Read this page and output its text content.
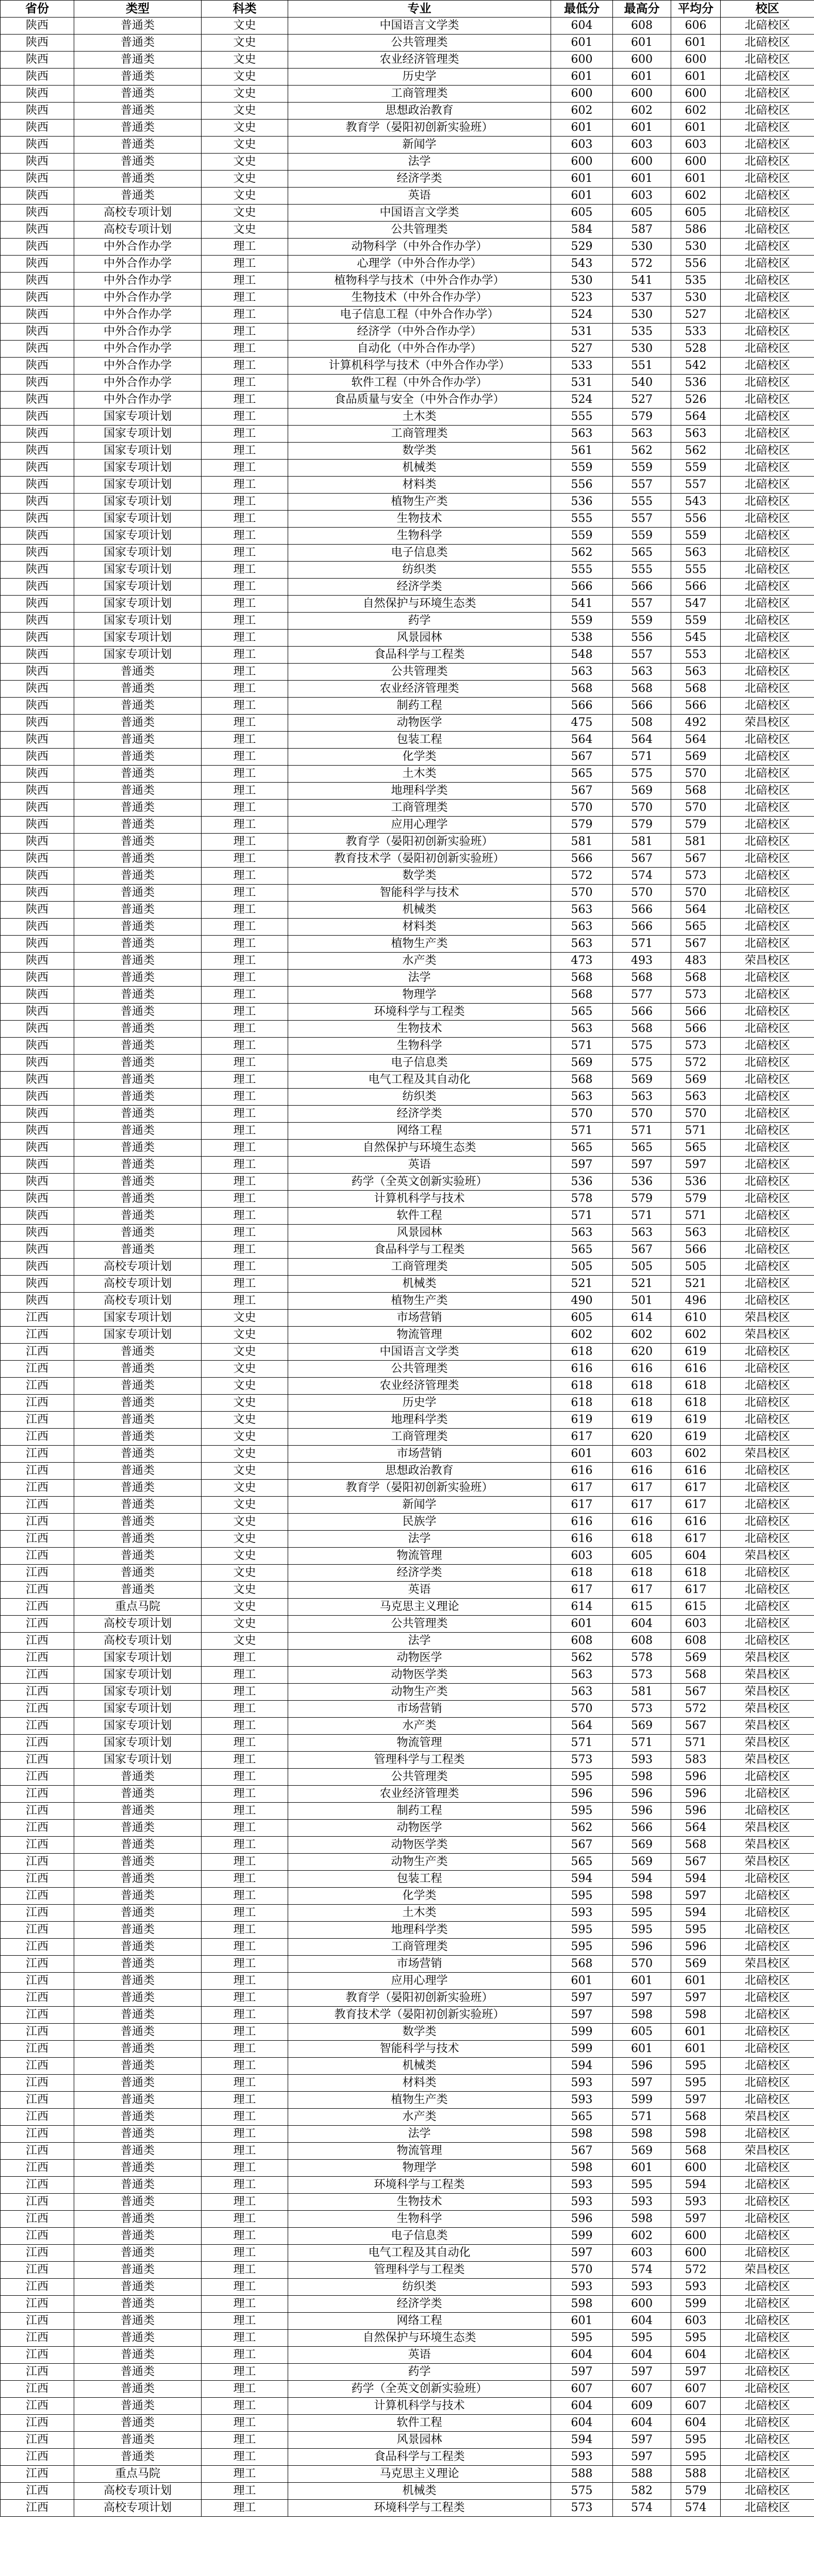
省份	类型	科类	专业	最低分	最高分	平均分	校区
陕西	普通类	文史	中国语言文学类	604	608	606	北碚校区
陕西	普通类	文史	公共管理类	601	601	601	北碚校区
陕西	普通类	文史	农业经济管理类	600	600	600	北碚校区
陕西	普通类	文史	历史学	601	601	601	北碚校区
陕西	普通类	文史	工商管理类	600	600	600	北碚校区
陕西	普通类	文史	思想政治教育	602	602	602	北碚校区
陕西	普通类	文史	教育学（晏阳初创新实验班）	601	601	601	北碚校区
陕西	普通类	文史	新闻学	603	603	603	北碚校区
陕西	普通类	文史	法学	600	600	600	北碚校区
陕西	普通类	文史	经济学类	601	601	601	北碚校区
陕西	普通类	文史	英语	601	603	602	北碚校区
陕西	高校专项计划	文史	中国语言文学类	605	605	605	北碚校区
陕西	高校专项计划	文史	公共管理类	584	587	586	北碚校区
陕西	中外合作办学	理工	动物科学（中外合作办学）	529	530	530	北碚校区
陕西	中外合作办学	理工	心理学（中外合作办学）	543	572	556	北碚校区
陕西	中外合作办学	理工	植物科学与技术（中外合作办学）	530	541	535	北碚校区
陕西	中外合作办学	理工	生物技术（中外合作办学）	523	537	530	北碚校区
陕西	中外合作办学	理工	电子信息工程（中外合作办学）	524	530	527	北碚校区
陕西	中外合作办学	理工	经济学（中外合作办学）	531	535	533	北碚校区
陕西	中外合作办学	理工	自动化（中外合作办学）	527	530	528	北碚校区
陕西	中外合作办学	理工	计算机科学与技术（中外合作办学）	533	551	542	北碚校区
陕西	中外合作办学	理工	软件工程（中外合作办学）	531	540	536	北碚校区
陕西	中外合作办学	理工	食品质量与安全（中外合作办学）	524	527	526	北碚校区
陕西	国家专项计划	理工	土木类	555	579	564	北碚校区
陕西	国家专项计划	理工	工商管理类	563	563	563	北碚校区
陕西	国家专项计划	理工	数学类	561	562	562	北碚校区
陕西	国家专项计划	理工	机械类	559	559	559	北碚校区
陕西	国家专项计划	理工	材料类	556	557	557	北碚校区
陕西	国家专项计划	理工	植物生产类	536	555	543	北碚校区
陕西	国家专项计划	理工	生物技术	555	557	556	北碚校区
陕西	国家专项计划	理工	生物科学	559	559	559	北碚校区
陕西	国家专项计划	理工	电子信息类	562	565	563	北碚校区
陕西	国家专项计划	理工	纺织类	555	555	555	北碚校区
陕西	国家专项计划	理工	经济学类	566	566	566	北碚校区
陕西	国家专项计划	理工	自然保护与环境生态类	541	557	547	北碚校区
陕西	国家专项计划	理工	药学	559	559	559	北碚校区
陕西	国家专项计划	理工	风景园林	538	556	545	北碚校区
陕西	国家专项计划	理工	食品科学与工程类	548	557	553	北碚校区
陕西	普通类	理工	公共管理类	563	563	563	北碚校区
陕西	普通类	理工	农业经济管理类	568	568	568	北碚校区
陕西	普通类	理工	制药工程	566	566	566	北碚校区
陕西	普通类	理工	动物医学	475	508	492	荣昌校区
陕西	普通类	理工	包装工程	564	564	564	北碚校区
陕西	普通类	理工	化学类	567	571	569	北碚校区
陕西	普通类	理工	土木类	565	575	570	北碚校区
陕西	普通类	理工	地理科学类	567	569	568	北碚校区
陕西	普通类	理工	工商管理类	570	570	570	北碚校区
陕西	普通类	理工	应用心理学	579	579	579	北碚校区
陕西	普通类	理工	教育学（晏阳初创新实验班）	581	581	581	北碚校区
陕西	普通类	理工	教育技术学（晏阳初创新实验班）	566	567	567	北碚校区
陕西	普通类	理工	数学类	572	574	573	北碚校区
陕西	普通类	理工	智能科学与技术	570	570	570	北碚校区
陕西	普通类	理工	机械类	563	566	564	北碚校区
陕西	普通类	理工	材料类	563	566	565	北碚校区
陕西	普通类	理工	植物生产类	563	571	567	北碚校区
陕西	普通类	理工	水产类	473	493	483	荣昌校区
陕西	普通类	理工	法学	568	568	568	北碚校区
陕西	普通类	理工	物理学	568	577	573	北碚校区
陕西	普通类	理工	环境科学与工程类	565	566	566	北碚校区
陕西	普通类	理工	生物技术	563	568	566	北碚校区
陕西	普通类	理工	生物科学	571	575	573	北碚校区
陕西	普通类	理工	电子信息类	569	575	572	北碚校区
陕西	普通类	理工	电气工程及其自动化	568	569	569	北碚校区
陕西	普通类	理工	纺织类	563	563	563	北碚校区
陕西	普通类	理工	经济学类	570	570	570	北碚校区
陕西	普通类	理工	网络工程	571	571	571	北碚校区
陕西	普通类	理工	自然保护与环境生态类	565	565	565	北碚校区
陕西	普通类	理工	英语	597	597	597	北碚校区
陕西	普通类	理工	药学（全英文创新实验班）	536	536	536	北碚校区
陕西	普通类	理工	计算机科学与技术	578	579	579	北碚校区
陕西	普通类	理工	软件工程	571	571	571	北碚校区
陕西	普通类	理工	风景园林	563	563	563	北碚校区
陕西	普通类	理工	食品科学与工程类	565	567	566	北碚校区
陕西	高校专项计划	理工	工商管理类	505	505	505	北碚校区
陕西	高校专项计划	理工	机械类	521	521	521	北碚校区
陕西	高校专项计划	理工	植物生产类	490	501	496	北碚校区
江西	国家专项计划	文史	市场营销	605	614	610	荣昌校区
江西	国家专项计划	文史	物流管理	602	602	602	荣昌校区
江西	普通类	文史	中国语言文学类	618	620	619	北碚校区
江西	普通类	文史	公共管理类	616	616	616	北碚校区
江西	普通类	文史	农业经济管理类	618	618	618	北碚校区
江西	普通类	文史	历史学	618	618	618	北碚校区
江西	普通类	文史	地理科学类	619	619	619	北碚校区
江西	普通类	文史	工商管理类	617	620	619	北碚校区
江西	普通类	文史	市场营销	601	603	602	荣昌校区
江西	普通类	文史	思想政治教育	616	616	616	北碚校区
江西	普通类	文史	教育学（晏阳初创新实验班）	617	617	617	北碚校区
江西	普通类	文史	新闻学	617	617	617	北碚校区
江西	普通类	文史	民族学	616	616	616	北碚校区
江西	普通类	文史	法学	616	618	617	北碚校区
江西	普通类	文史	物流管理	603	605	604	荣昌校区
江西	普通类	文史	经济学类	618	618	618	北碚校区
江西	普通类	文史	英语	617	617	617	北碚校区
江西	重点马院	文史	马克思主义理论	614	615	615	北碚校区
江西	高校专项计划	文史	公共管理类	601	604	603	北碚校区
江西	高校专项计划	文史	法学	608	608	608	北碚校区
江西	国家专项计划	理工	动物医学	562	578	569	荣昌校区
江西	国家专项计划	理工	动物医学类	563	573	568	荣昌校区
江西	国家专项计划	理工	动物生产类	563	581	567	荣昌校区
江西	国家专项计划	理工	市场营销	570	573	572	荣昌校区
江西	国家专项计划	理工	水产类	564	569	567	荣昌校区
江西	国家专项计划	理工	物流管理	571	571	571	荣昌校区
江西	国家专项计划	理工	管理科学与工程类	573	593	583	荣昌校区
江西	普通类	理工	公共管理类	595	598	596	北碚校区
江西	普通类	理工	农业经济管理类	596	596	596	北碚校区
江西	普通类	理工	制药工程	595	596	596	北碚校区
江西	普通类	理工	动物医学	562	566	564	荣昌校区
江西	普通类	理工	动物医学类	567	569	568	荣昌校区
江西	普通类	理工	动物生产类	565	569	567	荣昌校区
江西	普通类	理工	包装工程	594	594	594	北碚校区
江西	普通类	理工	化学类	595	598	597	北碚校区
江西	普通类	理工	土木类	593	595	594	北碚校区
江西	普通类	理工	地理科学类	595	595	595	北碚校区
江西	普通类	理工	工商管理类	595	596	596	北碚校区
江西	普通类	理工	市场营销	568	570	569	荣昌校区
江西	普通类	理工	应用心理学	601	601	601	北碚校区
江西	普通类	理工	教育学（晏阳初创新实验班）	597	597	597	北碚校区
江西	普通类	理工	教育技术学（晏阳初创新实验班）	597	598	598	北碚校区
江西	普通类	理工	数学类	599	605	601	北碚校区
江西	普通类	理工	智能科学与技术	599	601	601	北碚校区
江西	普通类	理工	机械类	594	596	595	北碚校区
江西	普通类	理工	材料类	593	597	595	北碚校区
江西	普通类	理工	植物生产类	593	599	597	北碚校区
江西	普通类	理工	水产类	565	571	568	荣昌校区
江西	普通类	理工	法学	598	598	598	北碚校区
江西	普通类	理工	物流管理	567	569	568	荣昌校区
江西	普通类	理工	物理学	598	601	600	北碚校区
江西	普通类	理工	环境科学与工程类	593	595	594	北碚校区
江西	普通类	理工	生物技术	593	593	593	北碚校区
江西	普通类	理工	生物科学	596	598	597	北碚校区
江西	普通类	理工	电子信息类	599	602	600	北碚校区
江西	普通类	理工	电气工程及其自动化	597	603	600	北碚校区
江西	普通类	理工	管理科学与工程类	570	574	572	荣昌校区
江西	普通类	理工	纺织类	593	593	593	北碚校区
江西	普通类	理工	经济学类	598	600	599	北碚校区
江西	普通类	理工	网络工程	601	604	603	北碚校区
江西	普通类	理工	自然保护与环境生态类	595	595	595	北碚校区
江西	普通类	理工	英语	604	604	604	北碚校区
江西	普通类	理工	药学	597	597	597	北碚校区
江西	普通类	理工	药学（全英文创新实验班）	607	607	607	北碚校区
江西	普通类	理工	计算机科学与技术	604	609	607	北碚校区
江西	普通类	理工	软件工程	604	604	604	北碚校区
江西	普通类	理工	风景园林	594	597	595	北碚校区
江西	普通类	理工	食品科学与工程类	593	597	595	北碚校区
江西	重点马院	理工	马克思主义理论	588	588	588	北碚校区
江西	高校专项计划	理工	机械类	575	582	579	北碚校区
江西	高校专项计划	理工	环境科学与工程类	573	574	574	北碚校区
